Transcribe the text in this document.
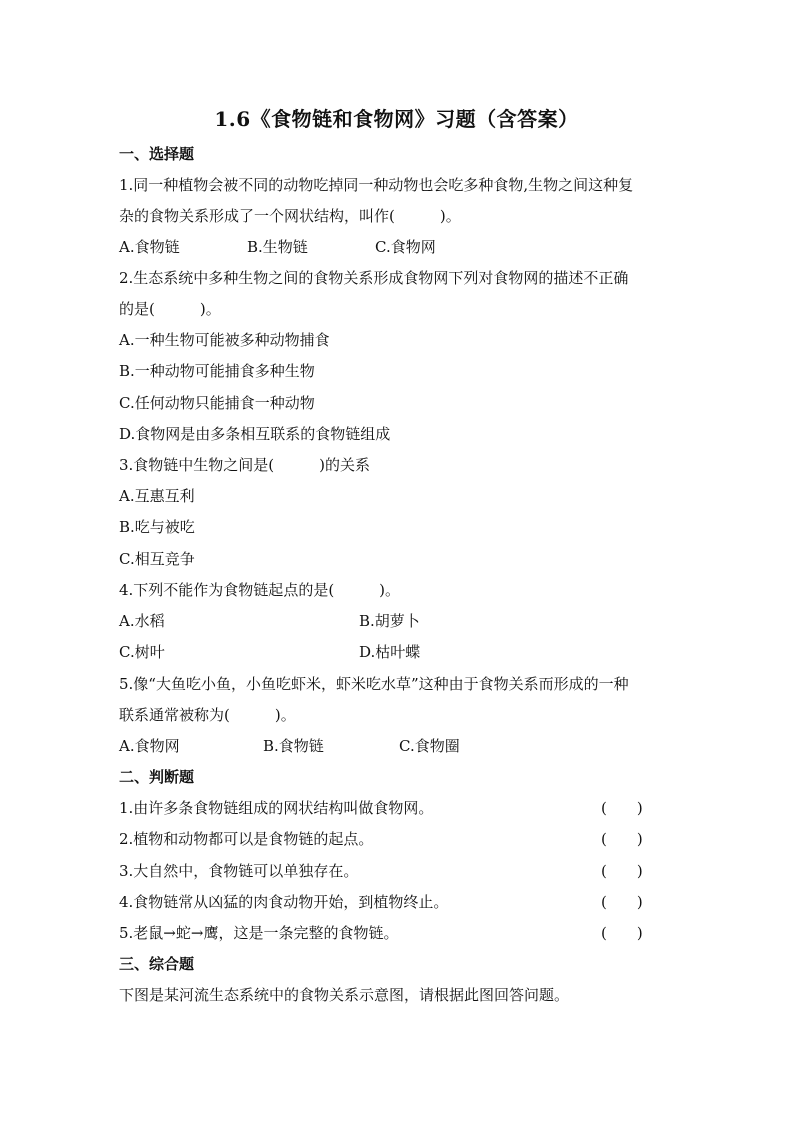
1.6《食物链和食物网》习题（含答案）
一、选择题
1.同一种植物会被不同的动物吃掉同一种动物也会吃多种食物,生物之间这种复
杂的食物关系形成了一个网状结构，叫作(　　　)。
A.食物链	B.生物链	C.食物网
2.生态系统中多种生物之间的食物关系形成食物网下列对食物网的描述不正确
的是(　　　)。
A.一种生物可能被多种动物捕食
B.一种动物可能捕食多种生物
C.任何动物只能捕食一种动物
D.食物网是由多条相互联系的食物链组成
3.食物链中生物之间是(　　　)的关系
A.互惠互利
B.吃与被吃
C.相互竞争
4.下列不能作为食物链起点的是(　　　)。
A.水稻	B.胡萝卜
C.树叶	D.枯叶蝶
5.像“大鱼吃小鱼，小鱼吃虾米，虾米吃水草”这种由于食物关系而形成的一种
联系通常被称为(　　　)。
A.食物网	B.食物链	C.食物圈
二、判断题
1.由许多条食物链组成的网状结构叫做食物网。	(　　)
2.植物和动物都可以是食物链的起点。	(　　)
3.大自然中，食物链可以单独存在。	(　　)
4.食物链常从凶猛的肉食动物开始，到植物终止。	(　　)
5.老鼠→蛇→鹰，这是一条完整的食物链。	(　　)
三、综合题
下图是某河流生态系统中的食物关系示意图，请根据此图回答问题。
